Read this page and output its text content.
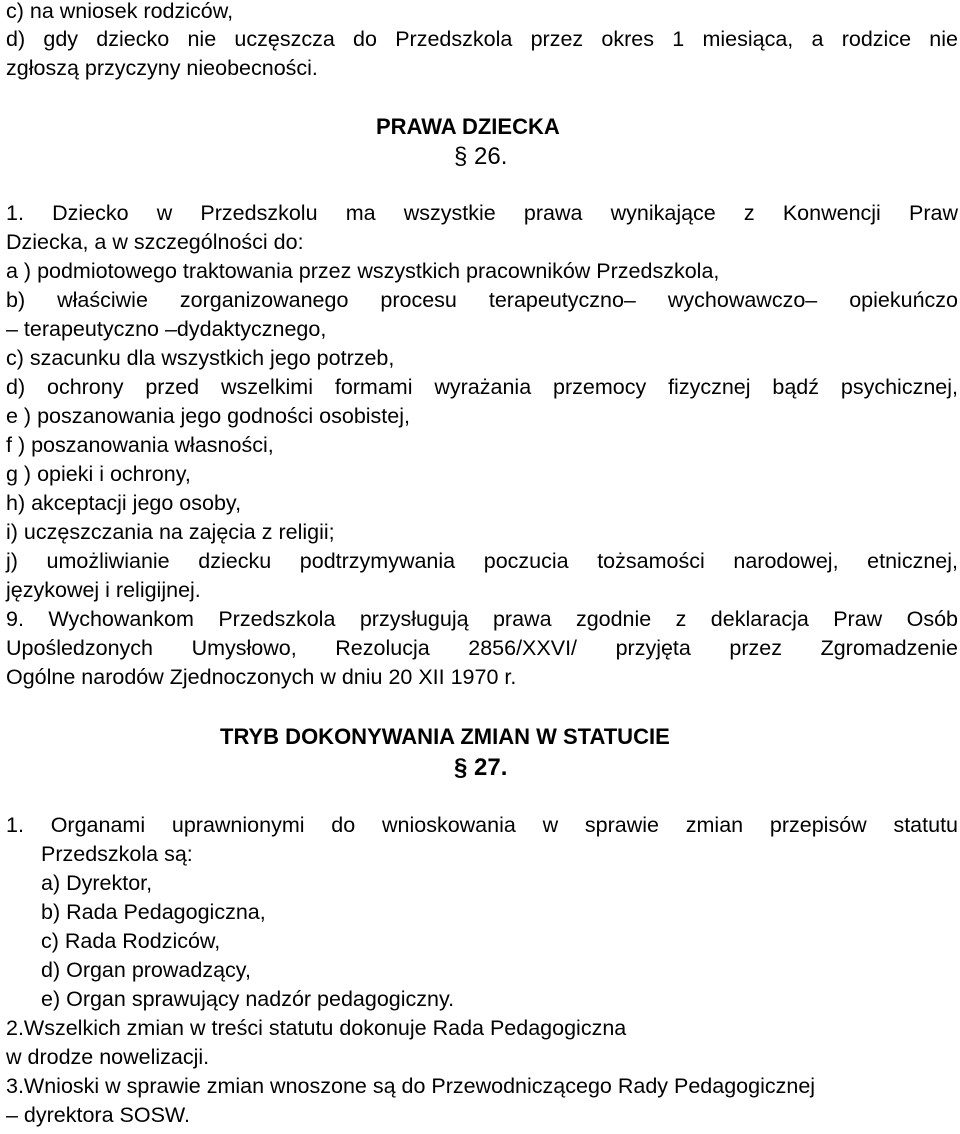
c) na wniosek rodziców,
d) gdy dziecko nie uczęszcza do Przedszkola przez okres 1 miesiąca, a rodzice nie
zgłoszą przyczyny nieobecności.
PRAWA DZIECKA
§ 26.
1. Dziecko w Przedszkolu ma wszystkie prawa wynikające z Konwencji Praw
Dziecka, a w szczególności do:
a ) podmiotowego traktowania przez wszystkich pracowników Przedszkola,
b) właściwie zorganizowanego procesu terapeutyczno– wychowawczo– opiekuńczo
– terapeutyczno –dydaktycznego,
c) szacunku dla wszystkich jego potrzeb,
d) ochrony przed wszelkimi formami wyrażania przemocy fizycznej bądź psychicznej,
e ) poszanowania jego godności osobistej,
f ) poszanowania własności,
g ) opieki i ochrony,
h) akceptacji jego osoby,
i) uczęszczania na zajęcia z religii;
j) umożliwianie dziecku podtrzymywania poczucia tożsamości narodowej, etnicznej,
językowej i religijnej.
9. Wychowankom Przedszkola przysługują prawa zgodnie z deklaracja Praw Osób
Upośledzonych Umysłowo, Rezolucja 2856/XXVI/ przyjęta przez Zgromadzenie
Ogólne narodów Zjednoczonych w dniu 20 XII 1970 r.
TRYB DOKONYWANIA ZMIAN W STATUCIE
§ 27.
1. Organami uprawnionymi do wnioskowania w sprawie zmian przepisów statutu
Przedszkola są:
a) Dyrektor,
b) Rada Pedagogiczna,
c) Rada Rodziców,
d) Organ prowadzący,
e) Organ sprawujący nadzór pedagogiczny.
2.Wszelkich zmian w treści statutu dokonuje Rada Pedagogiczna
w drodze nowelizacji.
3.Wnioski w sprawie zmian wnoszone są do Przewodniczącego Rady Pedagogicznej
– dyrektora SOSW.
